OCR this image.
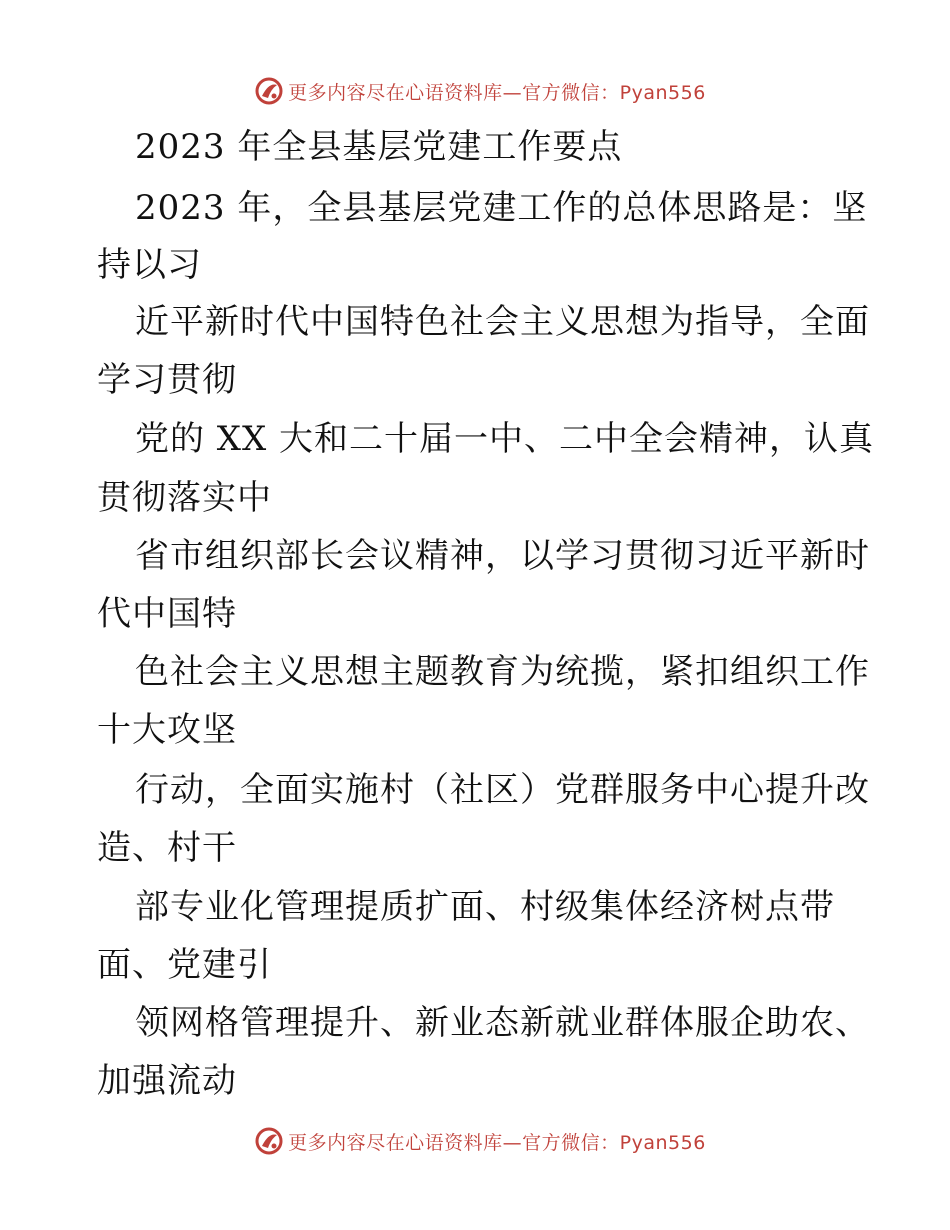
更多内容尽在心语资料库—官方微信：Pyan556
2023 年全县基层党建工作要点
2023 年，全县基层党建工作的总体思路是：坚
持以习
近平新时代中国特色社会主义思想为指导，全面
学习贯彻
党的 XX 大和二十届一中、二中全会精神，认真
贯彻落实中
省市组织部长会议精神，以学习贯彻习近平新时
代中国特
色社会主义思想主题教育为统揽，紧扣组织工作
十大攻坚
行动，全面实施村（社区）党群服务中心提升改
造、村干
部专业化管理提质扩面、村级集体经济树点带
面、党建引
领网格管理提升、新业态新就业群体服企助农、
加强流动
更多内容尽在心语资料库—官方微信：Pyan556
